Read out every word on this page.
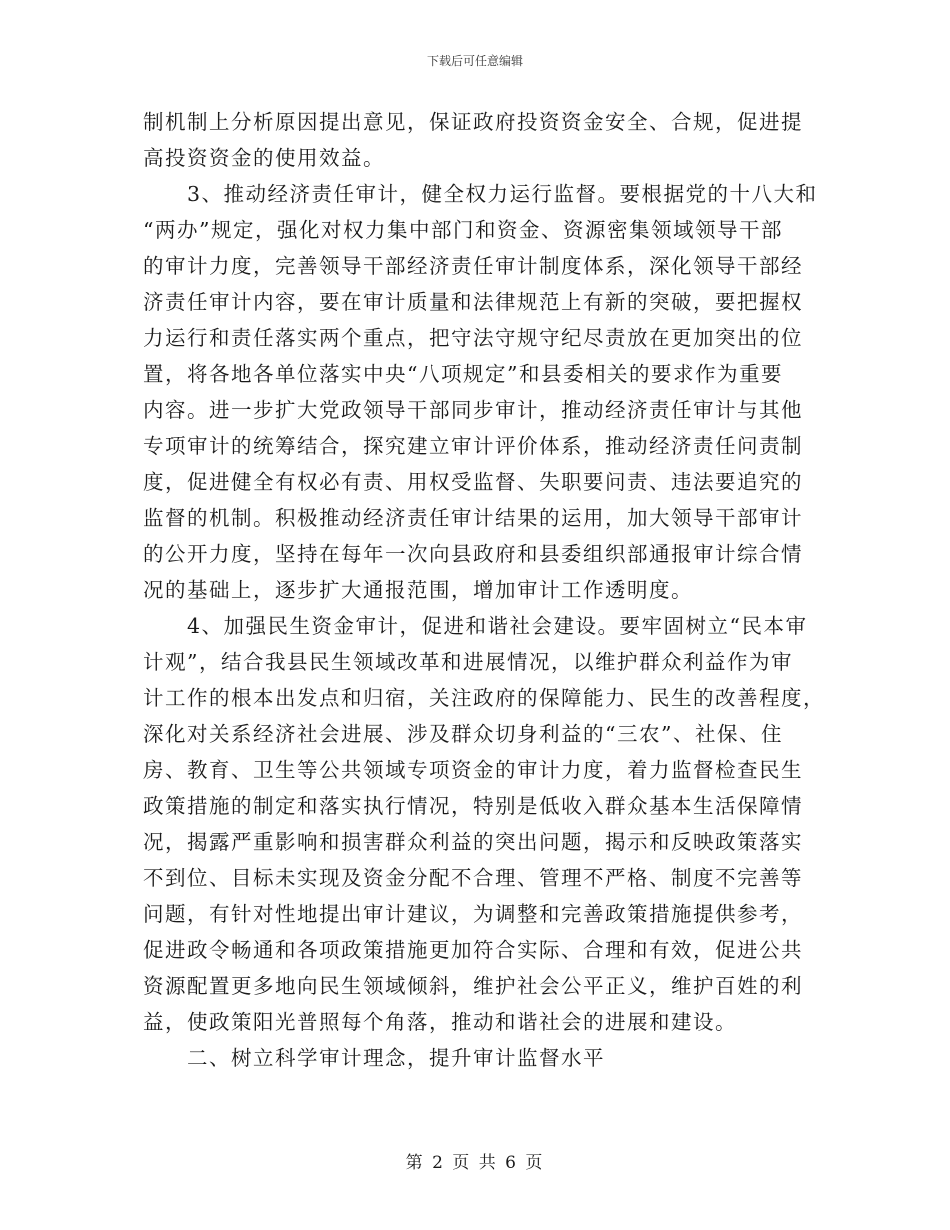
下载后可任意编辑
制机制上分析原因提出意见，保证政府投资资金安全、合规，促进提
高投资资金的使用效益。
3、推动经济责任审计，健全权力运行监督。要根据党的十八大和
“两办”规定，强化对权力集中部门和资金、资源密集领域领导干部
的审计力度，完善领导干部经济责任审计制度体系，深化领导干部经
济责任审计内容，要在审计质量和法律规范上有新的突破，要把握权
力运行和责任落实两个重点，把守法守规守纪尽责放在更加突出的位
置，将各地各单位落实中央“八项规定”和县委相关的要求作为重要
内容。进一步扩大党政领导干部同步审计，推动经济责任审计与其他
专项审计的统筹结合，探究建立审计评价体系，推动经济责任问责制
度，促进健全有权必有责、用权受监督、失职要问责、违法要追究的
监督的机制。积极推动经济责任审计结果的运用，加大领导干部审计
的公开力度，坚持在每年一次向县政府和县委组织部通报审计综合情
况的基础上，逐步扩大通报范围，增加审计工作透明度。
4、加强民生资金审计，促进和谐社会建设。要牢固树立“民本审
计观”，结合我县民生领域改革和进展情况，以维护群众利益作为审
计工作的根本出发点和归宿，关注政府的保障能力、民生的改善程度，
深化对关系经济社会进展、涉及群众切身利益的“三农”、社保、住
房、教育、卫生等公共领域专项资金的审计力度，着力监督检查民生
政策措施的制定和落实执行情况，特别是低收入群众基本生活保障情
况，揭露严重影响和损害群众利益的突出问题，揭示和反映政策落实
不到位、目标未实现及资金分配不合理、管理不严格、制度不完善等
问题，有针对性地提出审计建议，为调整和完善政策措施提供参考，
促进政令畅通和各项政策措施更加符合实际、合理和有效，促进公共
资源配置更多地向民生领域倾斜，维护社会公平正义，维护百姓的利
益，使政策阳光普照每个角落，推动和谐社会的进展和建设。
二、树立科学审计理念，提升审计监督水平
第 2 页 共 6 页
